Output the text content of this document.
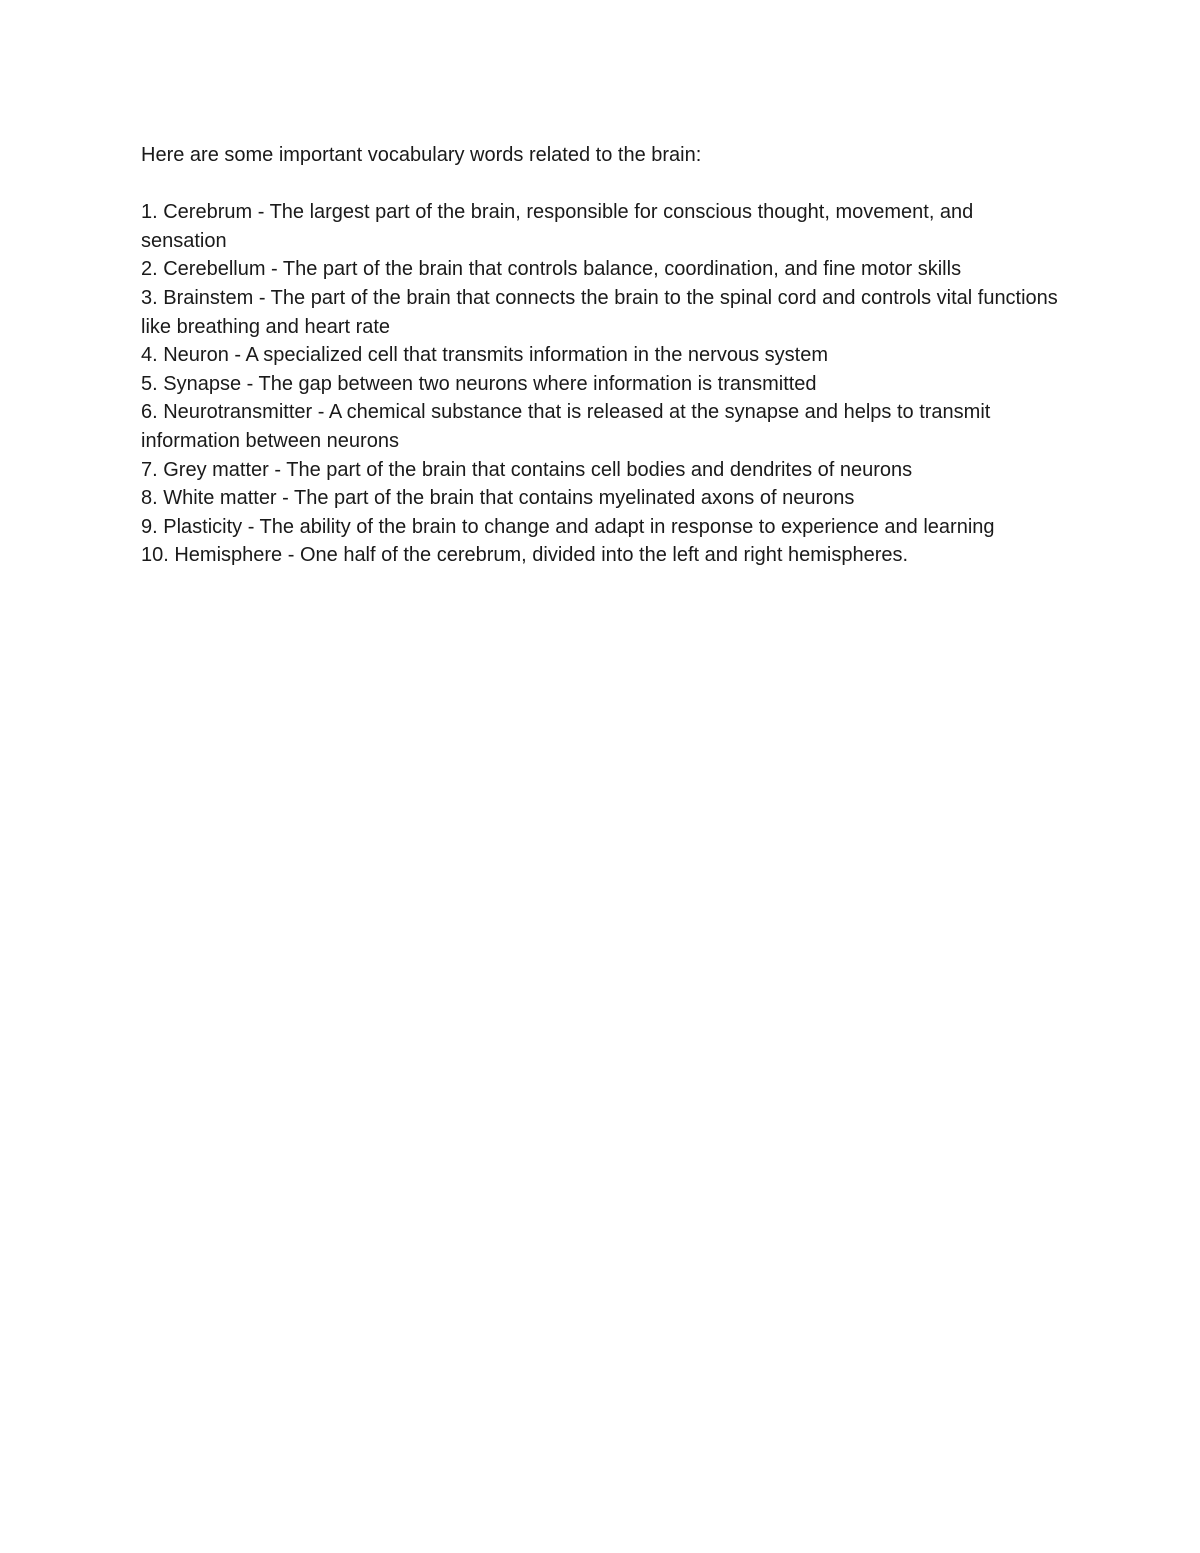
Here are some important vocabulary words related to the brain:

1. Cerebrum - The largest part of the brain, responsible for conscious thought, movement, and sensation
2. Cerebellum - The part of the brain that controls balance, coordination, and fine motor skills
3. Brainstem - The part of the brain that connects the brain to the spinal cord and controls vital functions like breathing and heart rate
4. Neuron - A specialized cell that transmits information in the nervous system
5. Synapse - The gap between two neurons where information is transmitted
6. Neurotransmitter - A chemical substance that is released at the synapse and helps to transmit information between neurons
7. Grey matter - The part of the brain that contains cell bodies and dendrites of neurons
8. White matter - The part of the brain that contains myelinated axons of neurons
9. Plasticity - The ability of the brain to change and adapt in response to experience and learning
10. Hemisphere - One half of the cerebrum, divided into the left and right hemispheres.
